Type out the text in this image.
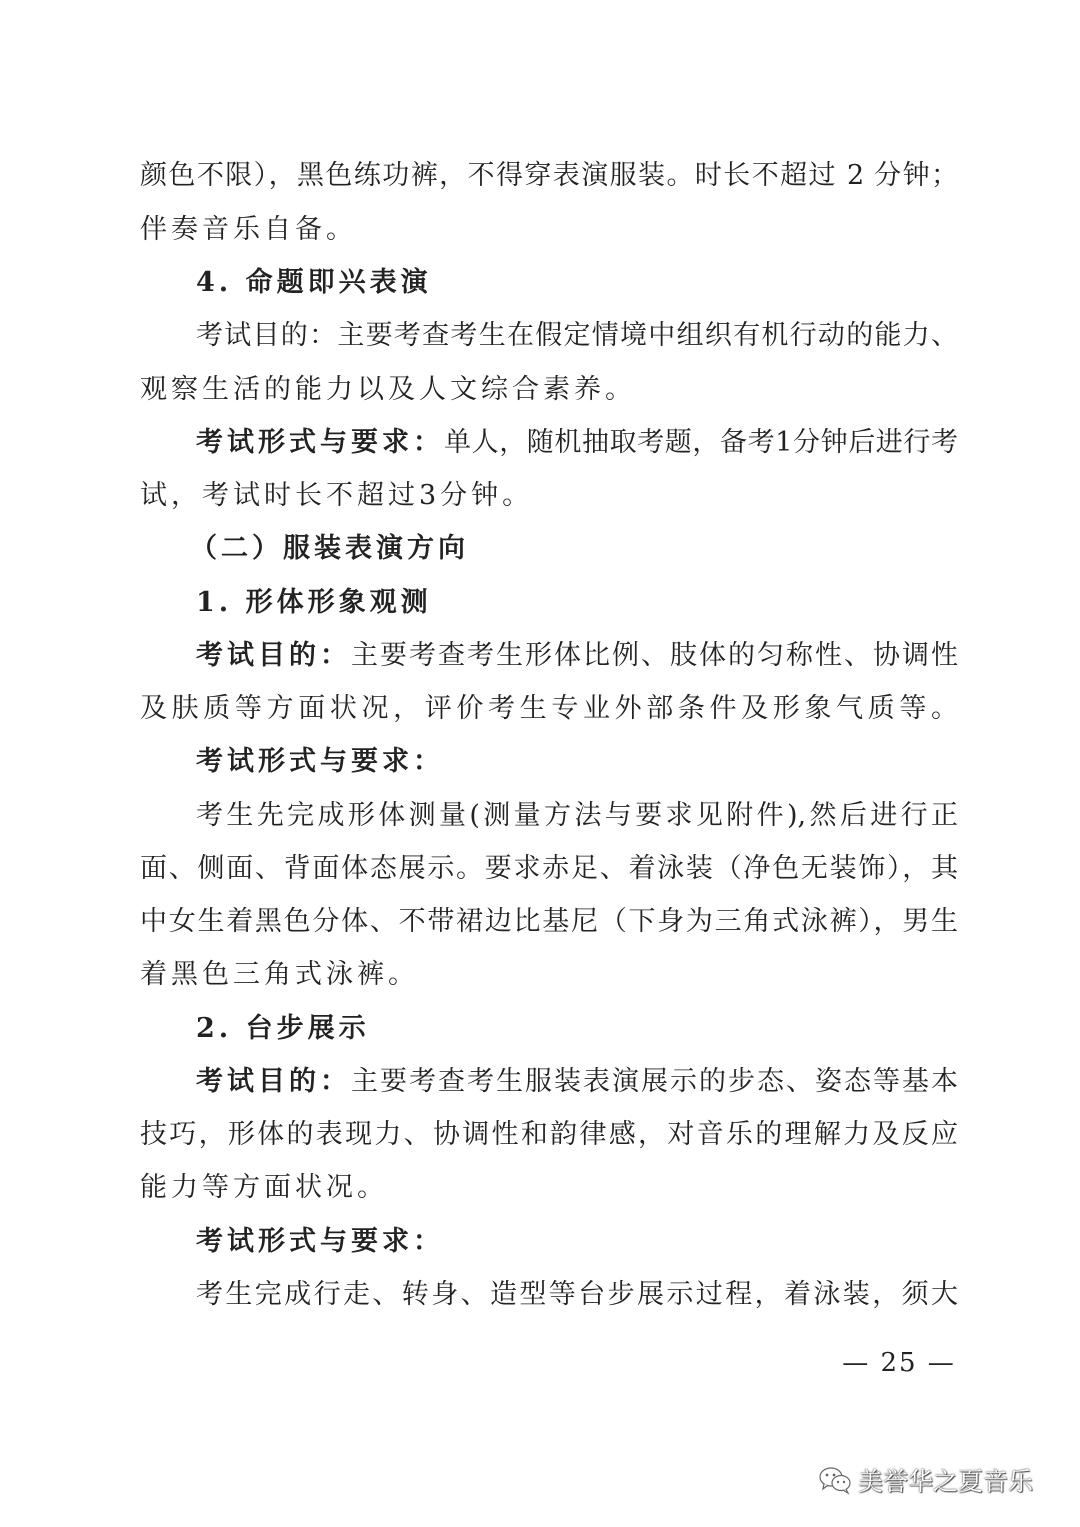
颜色不限），黑色练功裤，不得穿表演服装。时长不超过 2 分钟；
伴奏音乐自备。
4. 命题即兴表演
考试目的：主要考查考生在假定情境中组织有机行动的能力、
观察生活的能力以及人文综合素养。
考试形式与要求： 单人，随机抽取考题，备考1分钟后进行考
试，考试时长不超过3分钟。
（二）服装表演方向
1. 形体形象观测
考试目的： 主要考查考生形体比例、肢体的匀称性、协调性
及肤质等方面状况，评价考生专业外部条件及形象气质等。
考试形式与要求：
考生先完成形体测量(测量方法与要求见附件),然后进行正
面、侧面、背面体态展示。要求赤足、着泳装（净色无装饰），其
中女生着黑色分体、不带裙边比基尼（下身为三角式泳裤），男生
着黑色三角式泳裤。
2. 台步展示
考试目的： 主要考查考生服装表演展示的步态、姿态等基本
技巧，形体的表现力、协调性和韵律感，对音乐的理解力及反应
能力等方面状况。
考试形式与要求：
考生完成行走、转身、造型等台步展示过程，着泳装，须大
— 25 —
美誉华之夏音乐
